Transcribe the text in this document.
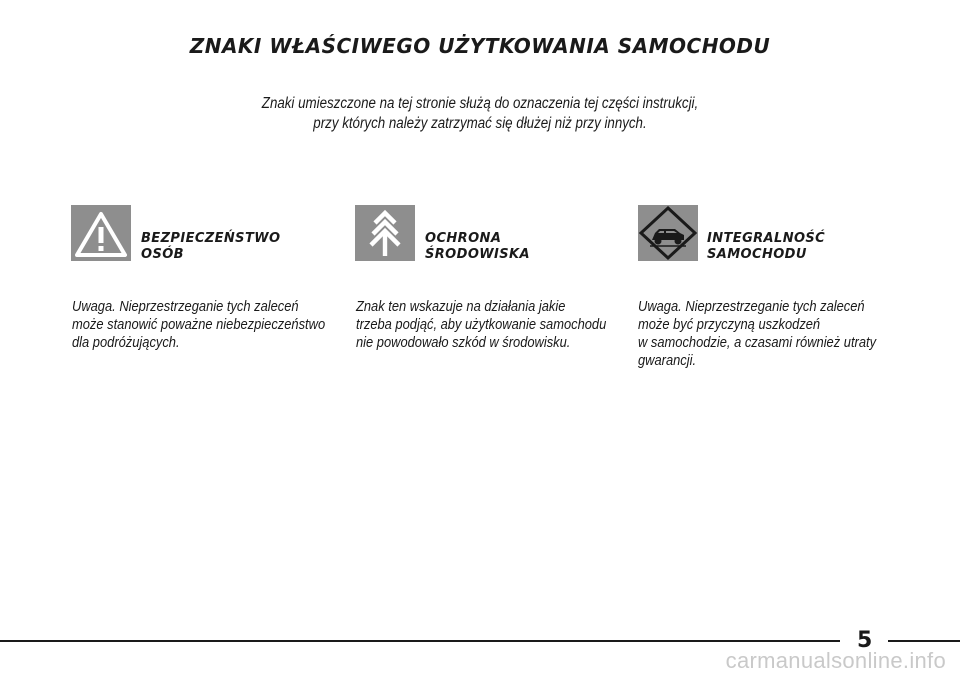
ZNAKI WŁAŚCIWEGO UŻYTKOWANIA SAMOCHODU
Znaki umieszczone na tej stronie służą do oznaczenia tej części instrukcji,
przy których należy zatrzymać się dłużej niż przy innych.
BEZPIECZEŃSTWO
OSÓB
Uwaga. Nieprzestrzeganie tych zaleceń
może stanowić poważne niebezpieczeństwo
dla podróżujących.
OCHRONA
ŚRODOWISKA
Znak ten wskazuje na działania jakie
trzeba podjąć, aby użytkowanie samochodu
nie powodowało szkód w środowisku.
INTEGRALNOŚĆ
SAMOCHODU
Uwaga. Nieprzestrzeganie tych zaleceń
może być przyczyną uszkodzeń
w samochodzie, a czasami również utraty
gwarancji.
5
carmanualsonline.info
